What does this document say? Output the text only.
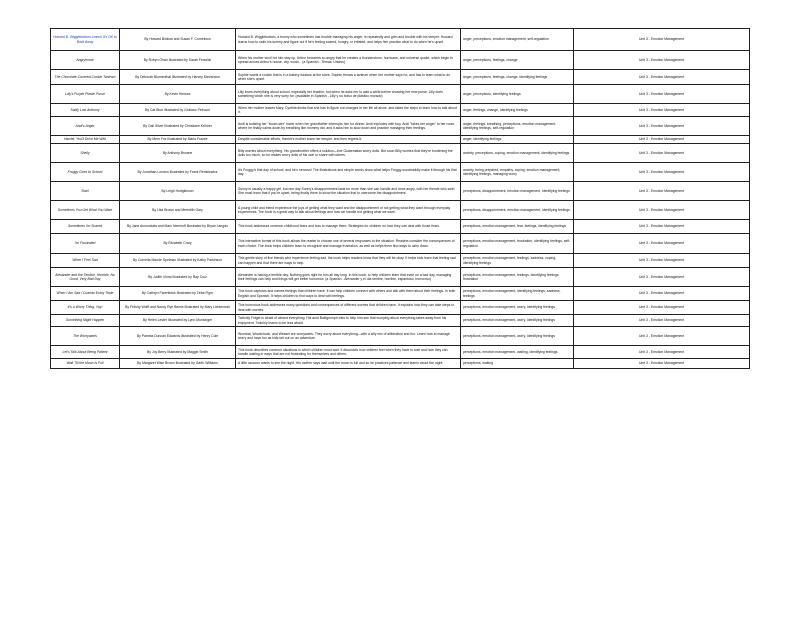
Howard B. Wigglebottom Learns It's OK to Back Away	By Howard Binkow and Susan F. Cornelison	Howard B. Wigglebottom, a bunny who sometimes has trouble managing his anger, is repeatedly and grim and trouble with his temper. Howard learns how to calm his tummy and figure out if he's feeling scared, hungry, or irritated, and helps him practice what to do when he's upset.	anger, perceptions, emotion management, self-regulation	Unit 3 - Emotion Management

Angryhorse	By Robyn Ohan Illustrated by Sarah Fenwick	When his mother won't let him stay up, Arthur becomes so angry that he creates a thunderstorm, hurricane, and universe quake, which begin to spread across Arthur's house, city, world... (a Spanish - Temas: Unidos)	anger, perceptions, feelings, change	Unit 3 - Emotion Management

The Chocolate-Covered-Cookie Tantrum	By Deborah Blumenthal Illustrated by Harvey Stevenson	Sophie wants a cookie that is in a bakery window at the store. Sophie throws a tantrum when her mother says no, and has to learn what to do when she's upset.	anger, perceptions, feelings, change, identifying feelings	Unit 3 - Emotion Management

Lilly's Purple Plastic Purse	By Kevin Henkes	Lilly loves everything about school, especially her teacher, but when he asks her to wait a while before showing her new purse, Lilly does something which she is very sorry for. (available in Spanish - Lilly y su bolso de plástico morado)	anger, perceptions, identifying feelings	Unit 3 - Emotion Management

Sadly Lost Anthony	By Cat Blue Illustrated by Giuliano Petrucci	When her mother leaves Mary, Cynthia thinks that she has to figure out changes in her life all alone, and takes the steps to learn how to talk about it.	anger, feelings, change, identifying feelings	Unit 3 - Emotion Management

Andi's Anger	By Gail Silver Illustrated by Christiane Krömer	Andi is building her "boom-ster" tower when her grandfather interrupts him for dinner. Andi explodes with fury. Andi "takes her anger" to her room, where he finally calms down by breathing like mommy did, and it asks him to slow down and practice managing their feelings.	anger, feelings, breathing, perceptions, emotion management, identifying feelings, self-regulation	Unit 3 - Emotion Management

Harriet, You'll Drive Me Wild	By Mem Fox Illustrated by Marla Frazee	Despite considerable efforts, Harriet's mother loses her temper, and then regrets it.	anger, identifying feelings	Unit 3 - Emotion Management

Shelly	By Anthony Browne	Billy worries about everything. His grandmother offers a solution—five Guatemalan worry dolls. But soon Billy worries that they're burdening the dolls too much, so he makes worry dolls of his own to share with others.	anxiety, perceptions, coping, emotion management, identifying feelings	Unit 3 - Emotion Management

Froggy Goes to School	By Jonathan London Illustrated by Frank Remkiewicz	It's Froggy's first day of school, and he's nervous! The illustrations and simple words show what helps Froggy successfully make it through his first day.	anxiety, being prepared, empathy, coping, emotion management, identifying feelings, managing worry	Unit 3 - Emotion Management

Swirl	By Leigh Hodgkinson	Sunny is usually a happy girl, but one day Sunny's disappointment lasts for more than she can handle and turns angry, with her friends who swirl. She must learn that if you're upset, being finally there to show the situation that to overcome the disappointment.	perceptions, disappointment, emotion management, identifying feelings	Unit 3 - Emotion Management

Sometimes You Get What You Want	By Lisa Brown and Meredith Gary	A young child and friend experience the joys of getting what they want and the disappointment of not getting what they want through everyday experiences. The book is a great way to talk about feelings and how we handle not getting what we want.	perceptions, disappointment, emotion management, identifying feelings	Unit 3 - Emotion Management

Sometimes I'm Scared	By Jane Annunziata and Marc Nemiroff Illustrated by Bryan Langdo	This book addresses common childhood fears and how to manage them. Strategies for children on how they can deal with those fears.	perceptions, emotion management, fear, feelings, identifying feelings	Unit 3 - Emotion Management

I'm Frustrated	By Elizabeth Crary	This interactive format of this book allows the reader to choose one of several responses to the situation. Readers consider the consequences of each choice. The book helps children learn to recognize and manage frustration, as well as helps them find ways to calm down.	perceptions, emotion management, frustration, identifying feelings, self-regulation	Unit 3 - Emotion Management

When I Feel Sad	By Cornelia Maude Spelman Illustrated by Kathy Parkinson	This gentle story of five friends who experience feeling sad, the book helps readers know that they will be okay. It helps kids learn that feeling sad can happen and that there are ways to help.	perceptions, emotion management, feelings, sadness, coping, identifying feelings	Unit 3 - Emotion Management

Alexander and the Terrible, Horrible, No Good, Very Bad Day	By Judith Viorst Illustrated by Ray Cruz	Alexander is having a terrible day. Nothing goes right for him all day long. In this book, to help children learn that even on a bad day, managing their feelings can help and things will get better tomorrow. (a Spanish - Alexander y el día terrible, horrible, espantoso, horroroso)	perceptions, emotion management, feelings, identifying feelings, frustration	Unit 3 - Emotion Management

When I Am Sad / Cuando Estoy Triste	By Cathryn Parenthink Illustrated by Zeba Figer	This book captures and names feelings that children have. It can help children connect with others and talk with them about their feelings. In both English and Spanish. It helps children to find ways to deal with feelings.	perceptions, emotion management, identifying feelings, sadness, feelings	Unit 3 - Emotion Management

It's a Worry Thing, Yay!	By Felicity Wolff and Nancy Rye Bemis Illustrated by Mary Lichterman	This humorous book addresses many questions and consequences of different worries that children have. It explains how they can take steps to deal with worries.	perceptions, emotion management, worry, identifying feelings	Unit 3 - Emotion Management

Something Might Happen	By Helen Lester Illustrated by Lynn Munsinger	Twitchly Fidget is afraid of almost everything. His aunt Balligrumph tries to help him see that worrying about everything takes away from his enjoyment. Twitchly learns to be less afraid.	perceptions, emotion management, worry, identifying feelings	Unit 3 - Emotion Management

The Worrywarts	By Pamela Duncan Edwards Illustrated by Henry Cole	Wombat, Woodchuck, and Weasel are worrywarts. They worry about everything—with a silly mix of alliteration and fun. Learn how to manage worry and have fun as kids set out on an adventure.	perceptions, emotion management, worry, identifying feelings	Unit 3 - Emotion Management

Let's Talk About Being Patient	By Joy Berry Illustrated by Maggie Smith	This book describes common situations in which children must wait. It discusses how children feel when they have to wait and how they can handle waiting in ways that are not frustrating for themselves and others.	perceptions, emotion management, waiting, identifying feelings	Unit 3 - Emotion Management

Wait Till the Moon Is Full	By Margaret Wise Brown Illustrated by Garth Williams	A little raccoon wants to see the night. His mother says wait until the moon is full and so he practices patience and learns about the night.	perceptions, waiting	Unit 3 - Emotion Management
